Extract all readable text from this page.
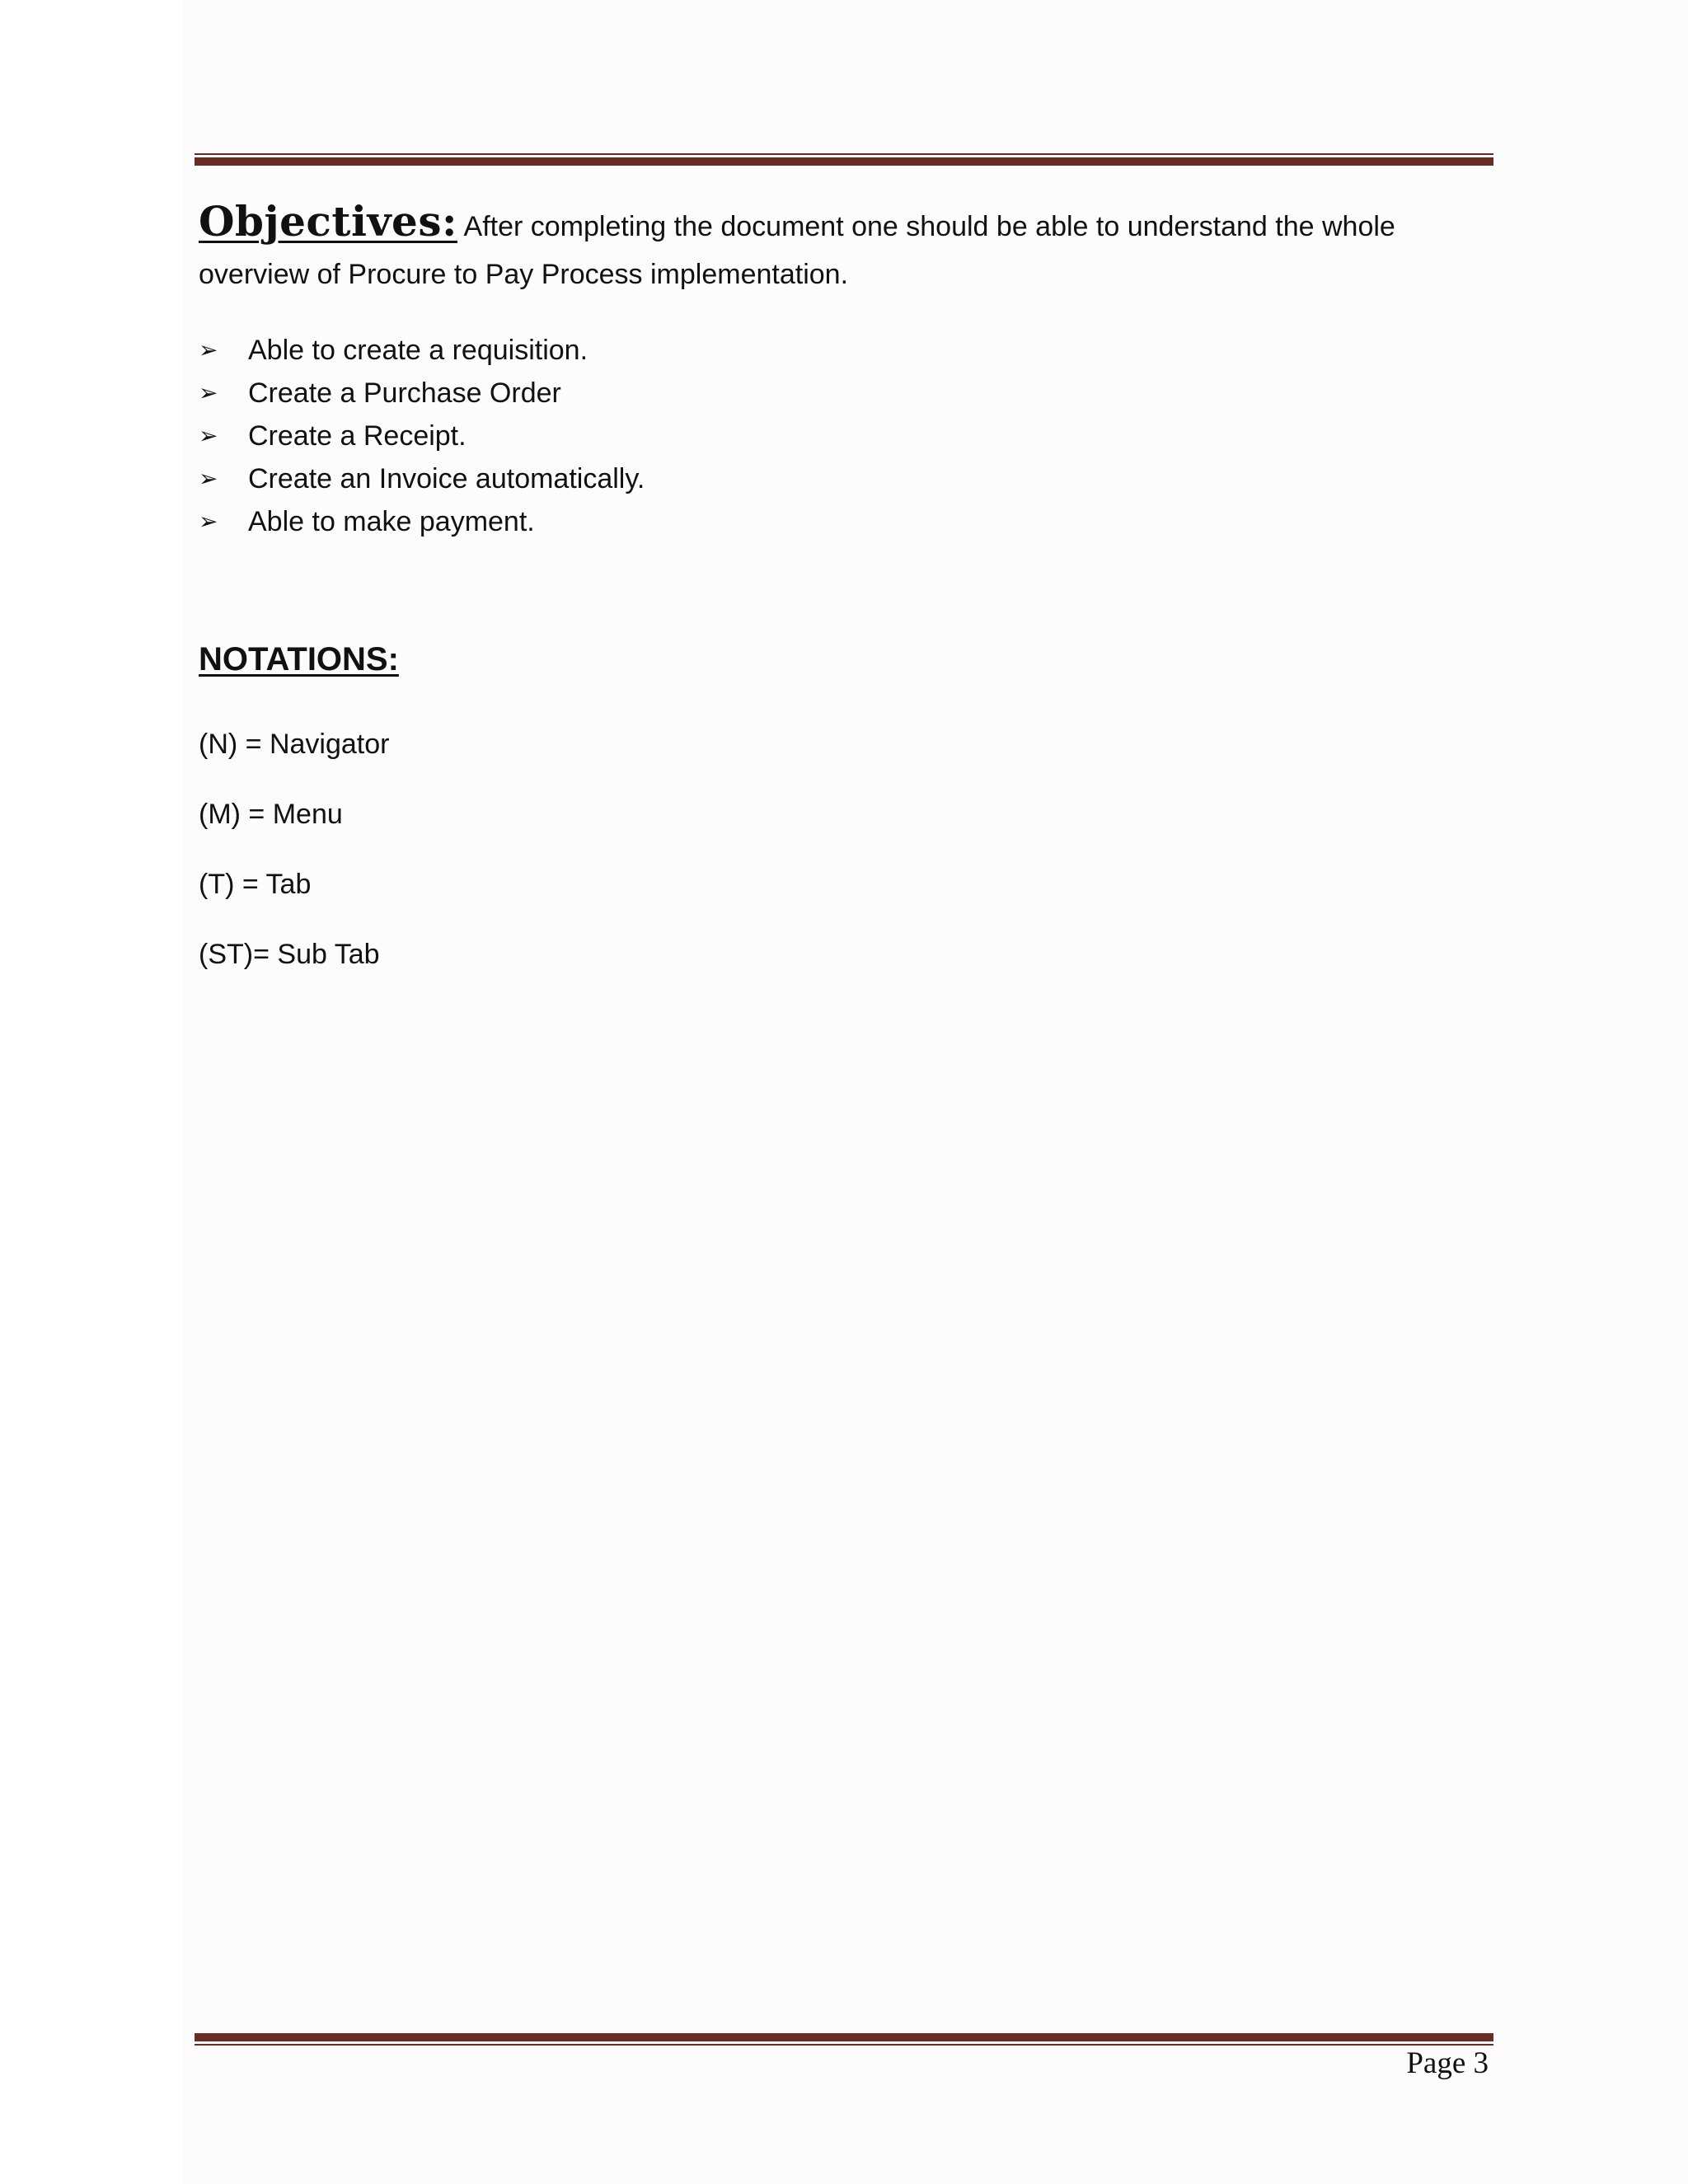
Objectives: After completing the document one should be able to understand the whole overview of Procure to Pay Process implementation.
➢	Able to create a requisition.
➢	Create a Purchase Order
➢	Create a Receipt.
➢	Create an Invoice automatically.
➢	Able to make payment.
NOTATIONS:
(N) = Navigator
(M) = Menu
(T) = Tab
(ST)= Sub Tab
Page 3
